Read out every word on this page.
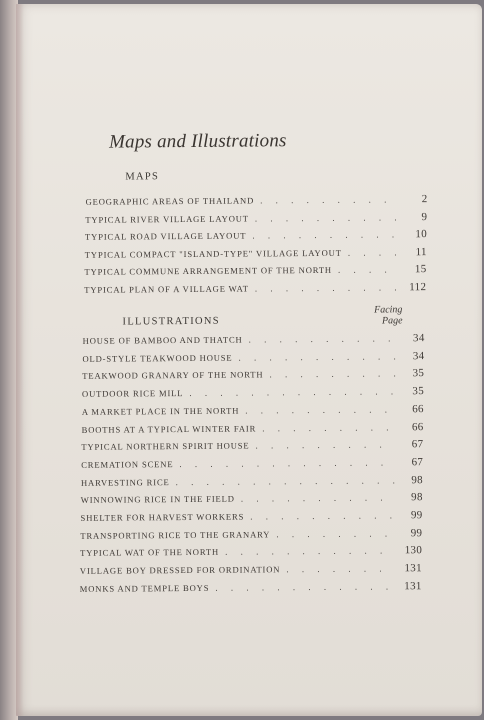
Maps and Illustrations
MAPS
GEOGRAPHIC AREAS OF THAILAND . . .	2
TYPICAL RIVER VILLAGE LAYOUT . . .	9
TYPICAL ROAD VILLAGE LAYOUT . . .	10
TYPICAL COMPACT "ISLAND-TYPE" VILLAGE LAYOUT . . .	11
TYPICAL COMMUNE ARRANGEMENT OF THE NORTH . . .	15
TYPICAL PLAN OF A VILLAGE WAT . . .	112
ILLUSTRATIONS
Facing
Page
HOUSE OF BAMBOO AND THATCH . . .	34
OLD-STYLE TEAKWOOD HOUSE . . .	34
TEAKWOOD GRANARY OF THE NORTH . . .	35
OUTDOOR RICE MILL . . .	35
A MARKET PLACE IN THE NORTH . . .	66
BOOTHS AT A TYPICAL WINTER FAIR . . .	66
TYPICAL NORTHERN SPIRIT HOUSE . . .	67
CREMATION SCENE . . .	67
HARVESTING RICE . . .	98
WINNOWING RICE IN THE FIELD . . .	98
SHELTER FOR HARVEST WORKERS . . .	99
TRANSPORTING RICE TO THE GRANARY . . .	99
TYPICAL WAT OF THE NORTH . . .	130
VILLAGE BOY DRESSED FOR ORDINATION . . .	131
MONKS AND TEMPLE BOYS . . .	131
